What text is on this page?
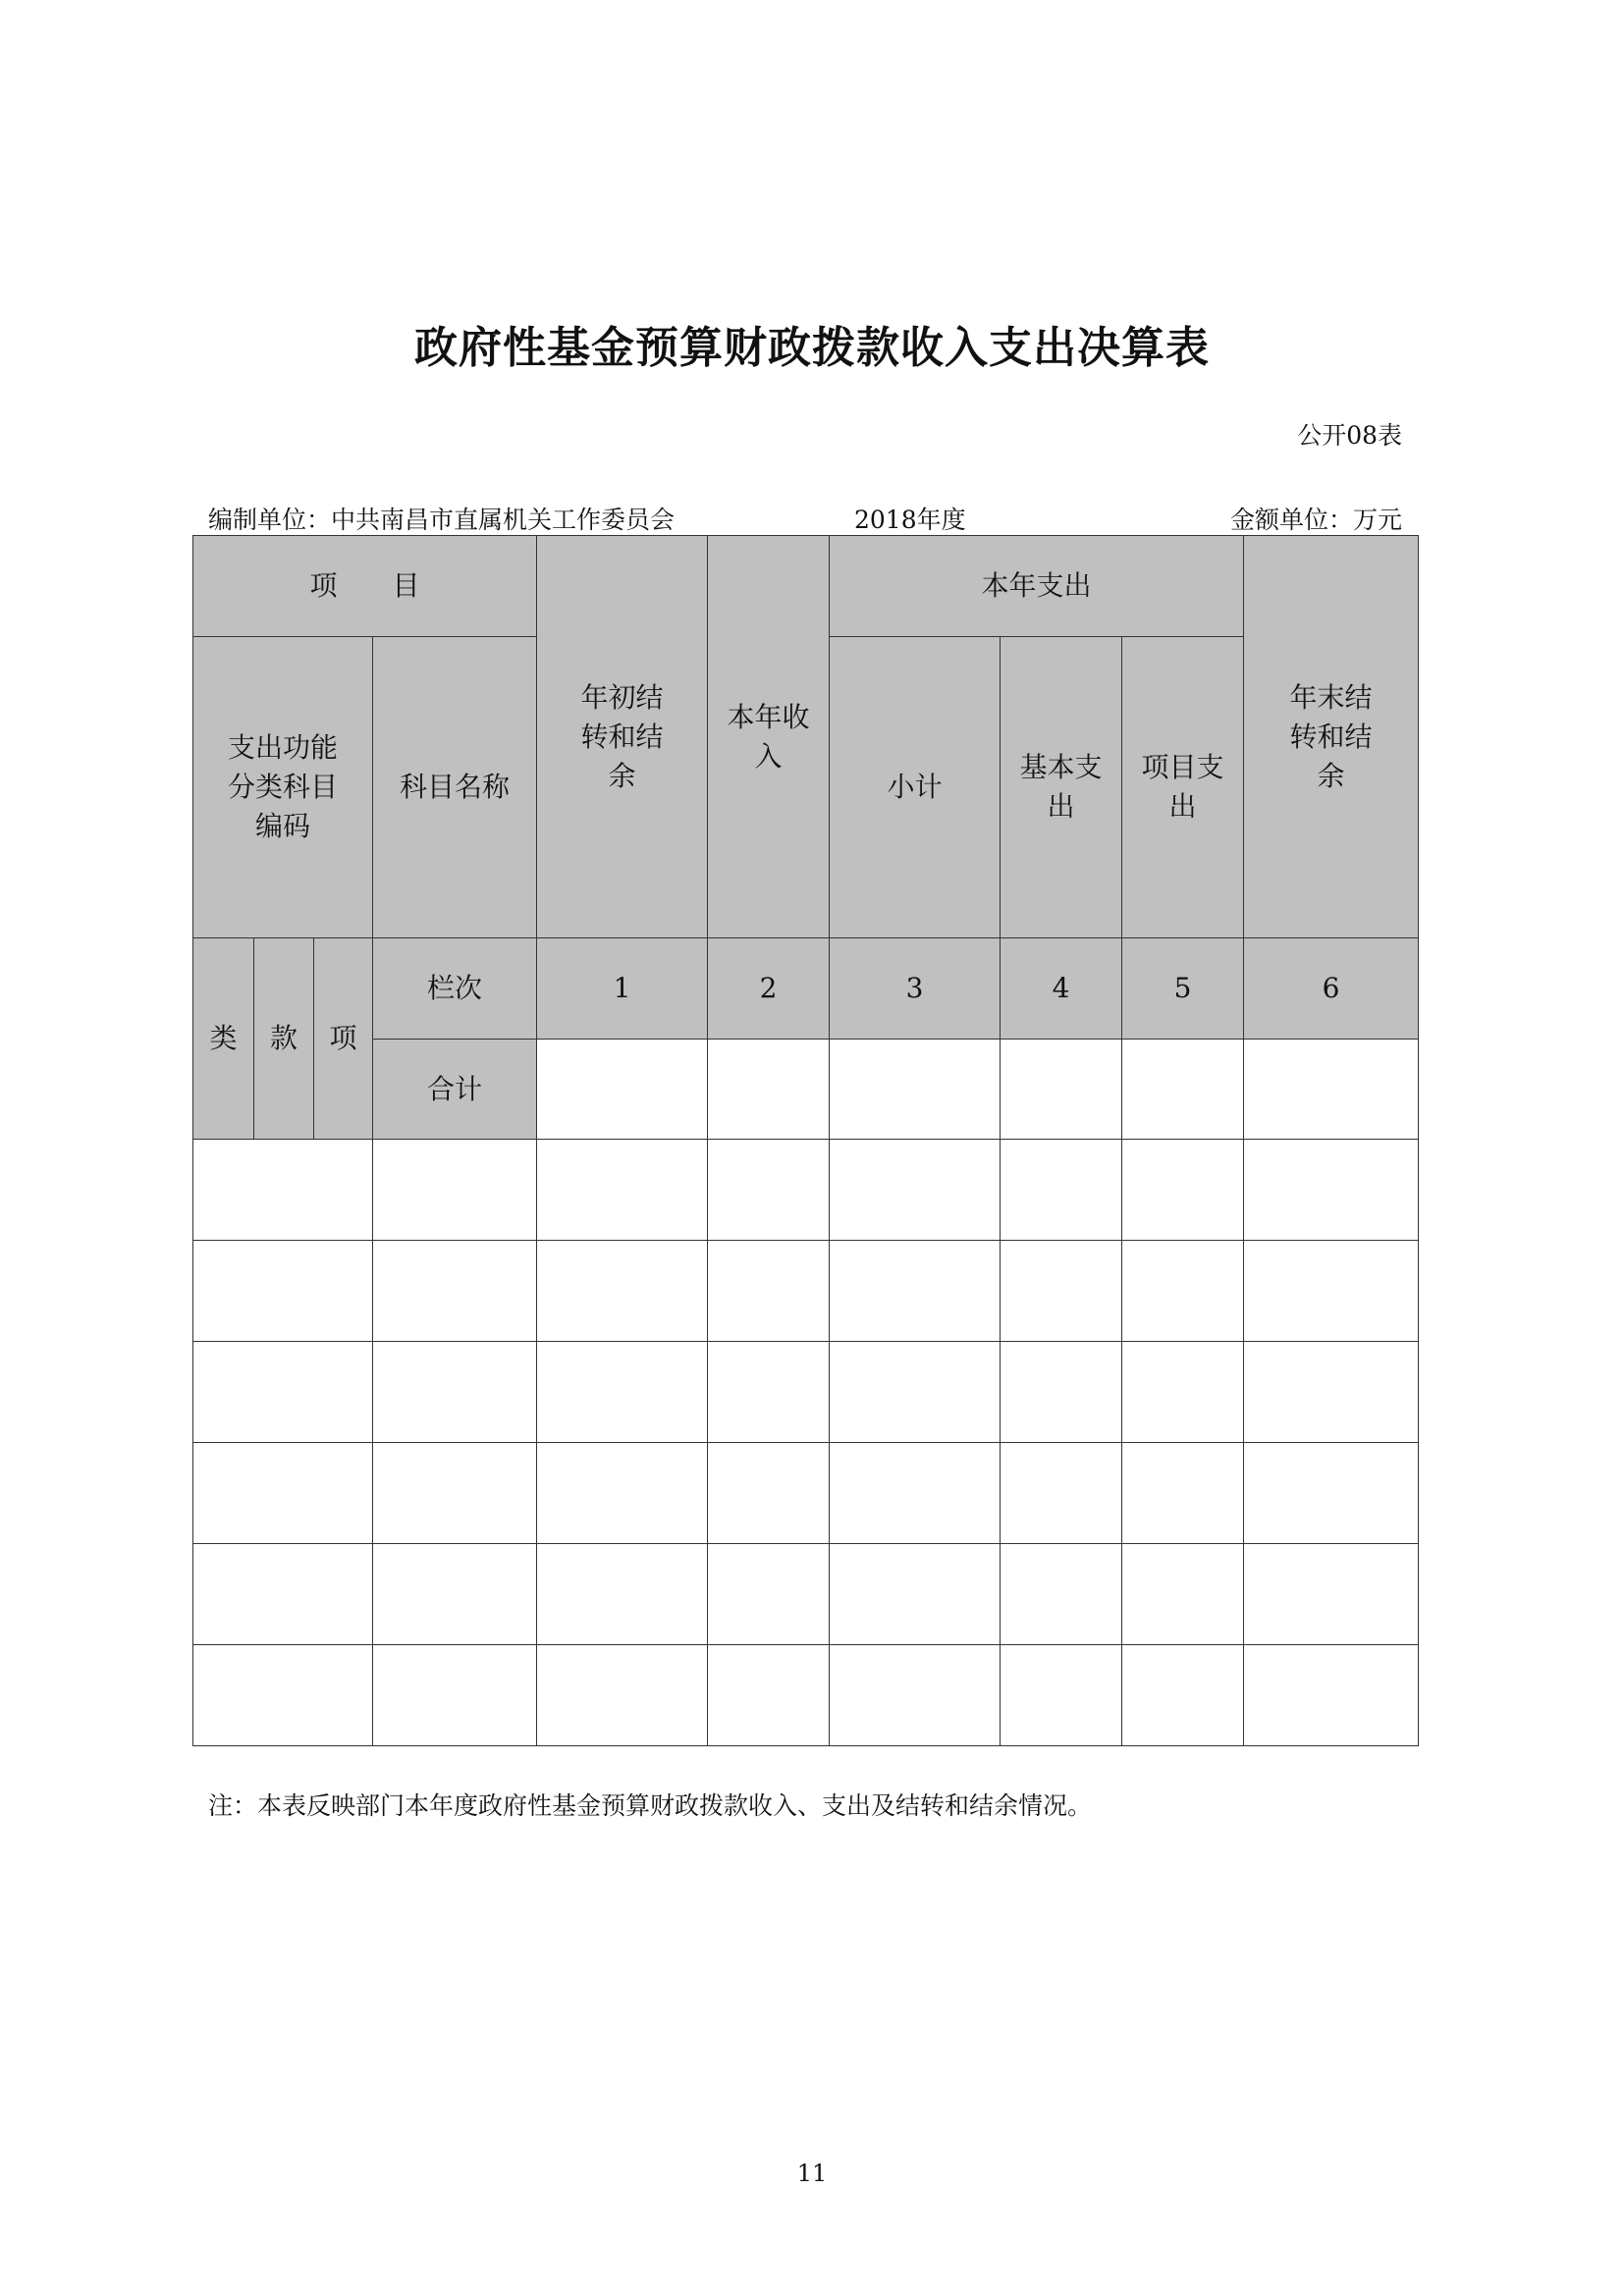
政府性基金预算财政拨款收入支出决算表
公开08表
编制单位：中共南昌市直属机关工作委员会	2018年度	金额单位：万元
项　　目				年初结转和结余	本年收入	本年支出			年末结转和结余
支出功能分类科目编码			科目名称			小计	基本支出	项目支出	
类	款	项	栏次	1	2	3	4	5	6
			合计						

注：本表反映部门本年度政府性基金预算财政拨款收入、支出及结转和结余情况。
11
